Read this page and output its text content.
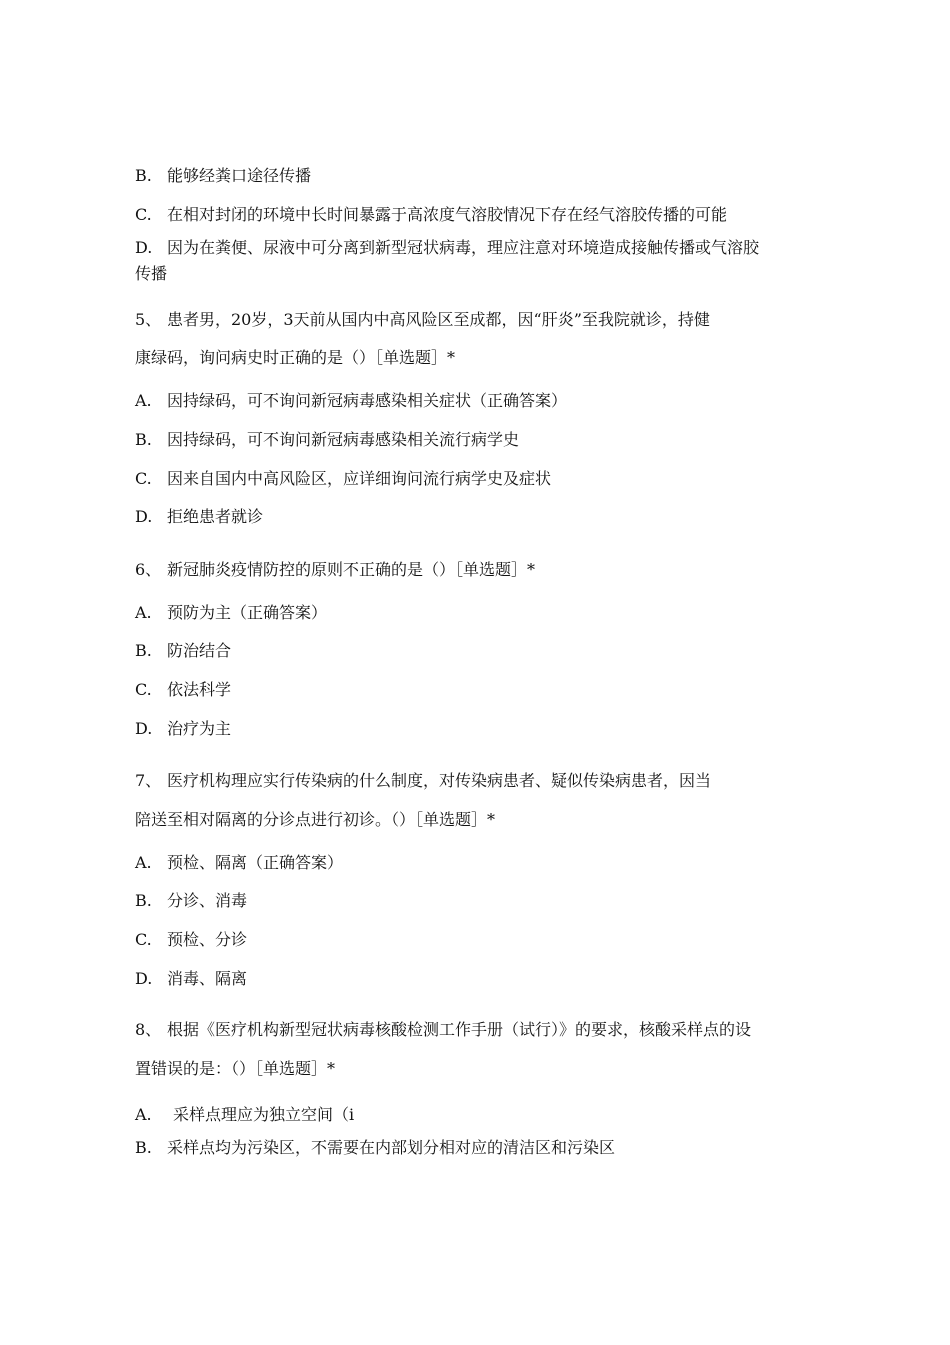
B. 能够经粪口途径传播
C. 在相对封闭的环境中长时间暴露于高浓度气溶胶情况下存在经气溶胶传播的可能
D. 因为在粪便、尿液中可分离到新型冠状病毒，理应注意对环境造成接触传播或气溶胶
传播
5、 患者男，20岁，3天前从国内中高风险区至成都，因“肝炎”至我院就诊，持健
康绿码，询问病史时正确的是（）［单选题］*
A. 因持绿码，可不询问新冠病毒感染相关症状（正确答案）
B. 因持绿码，可不询问新冠病毒感染相关流行病学史
C. 因来自国内中高风险区，应详细询问流行病学史及症状
D. 拒绝患者就诊
6、 新冠肺炎疫情防控的原则不正确的是（）［单选题］*
A. 预防为主（正确答案）
B. 防治结合
C. 依法科学
D. 治疗为主
7、 医疗机构理应实行传染病的什么制度，对传染病患者、疑似传染病患者，因当
陪送至相对隔离的分诊点进行初诊。（）［单选题］*
A. 预检、隔离（正确答案）
B. 分诊、消毒
C. 预检、分诊
D. 消毒、隔离
8、 根据《医疗机构新型冠状病毒核酸检测工作手册（试行）》的要求，核酸采样点的设
置错误的是：（）［单选题］*
A. 采样点理应为独立空间（i
B. 采样点均为污染区，不需要在内部划分相对应的清洁区和污染区
